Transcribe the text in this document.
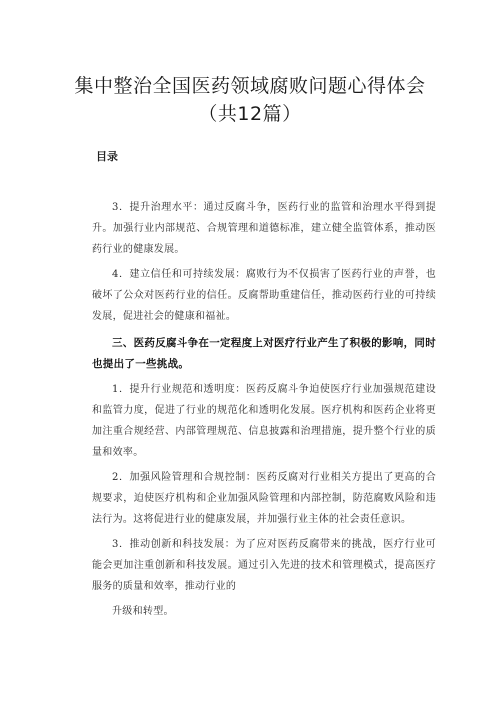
集中整治全国医药领域腐败问题心得体会
（共12篇）
目录

3．提升治理水平：通过反腐斗争，医药行业的监管和治理水平得到提升。加强行业内部规范、合规管理和道德标准，建立健全监管体系，推动医药行业的健康发展。

4．建立信任和可持续发展：腐败行为不仅损害了医药行业的声誉，也破坏了公众对医药行业的信任。反腐帮助重建信任，推动医药行业的可持续发展，促进社会的健康和福祉。

三、医药反腐斗争在一定程度上对医疗行业产生了积极的影响，同时也提出了一些挑战。

1．提升行业规范和透明度：医药反腐斗争迫使医疗行业加强规范建设和监管力度，促进了行业的规范化和透明化发展。医疗机构和医药企业将更加注重合规经营、内部管理规范、信息披露和治理措施，提升整个行业的质量和效率。

2．加强风险管理和合规控制：医药反腐对行业相关方提出了更高的合规要求，迫使医疗机构和企业加强风险管理和内部控制，防范腐败风险和违法行为。这将促进行业的健康发展，并加强行业主体的社会责任意识。

3．推动创新和科技发展：为了应对医药反腐带来的挑战，医疗行业可能会更加注重创新和科技发展。通过引入先进的技术和管理模式，提高医疗服务的质量和效率，推动行业的

升级和转型。
